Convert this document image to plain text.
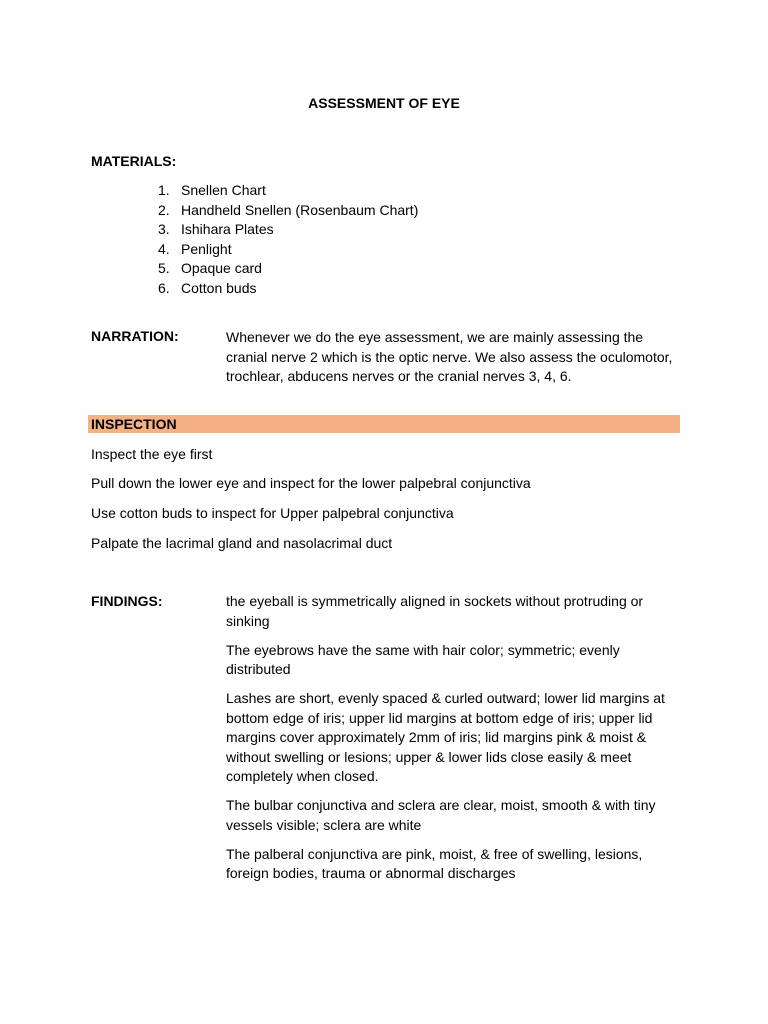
ASSESSMENT OF EYE
MATERIALS:
1. Snellen Chart
2. Handheld Snellen (Rosenbaum Chart)
3. Ishihara Plates
4. Penlight
5. Opaque card
6. Cotton buds
NARRATION:	Whenever we do the eye assessment, we are mainly assessing the cranial nerve 2 which is the optic nerve. We also assess the oculomotor, trochlear, abducens nerves or the cranial nerves 3, 4, 6.
INSPECTION
Inspect the eye first
Pull down the lower eye and inspect for the lower palpebral conjunctiva
Use cotton buds to inspect for Upper palpebral conjunctiva
Palpate the lacrimal gland and nasolacrimal duct
FINDINGS:	the eyeball is symmetrically aligned in sockets without protruding or sinking

The eyebrows have the same with hair color; symmetric; evenly distributed

Lashes are short, evenly spaced & curled outward; lower lid margins at bottom edge of iris; upper lid margins at bottom edge of iris; upper lid margins cover approximately 2mm of iris; lid margins pink & moist & without swelling or lesions; upper & lower lids close easily & meet completely when closed.

The bulbar conjunctiva and sclera are clear, moist, smooth & with tiny vessels visible; sclera are white

The palberal conjunctiva are pink, moist, & free of swelling, lesions, foreign bodies, trauma or abnormal discharges
